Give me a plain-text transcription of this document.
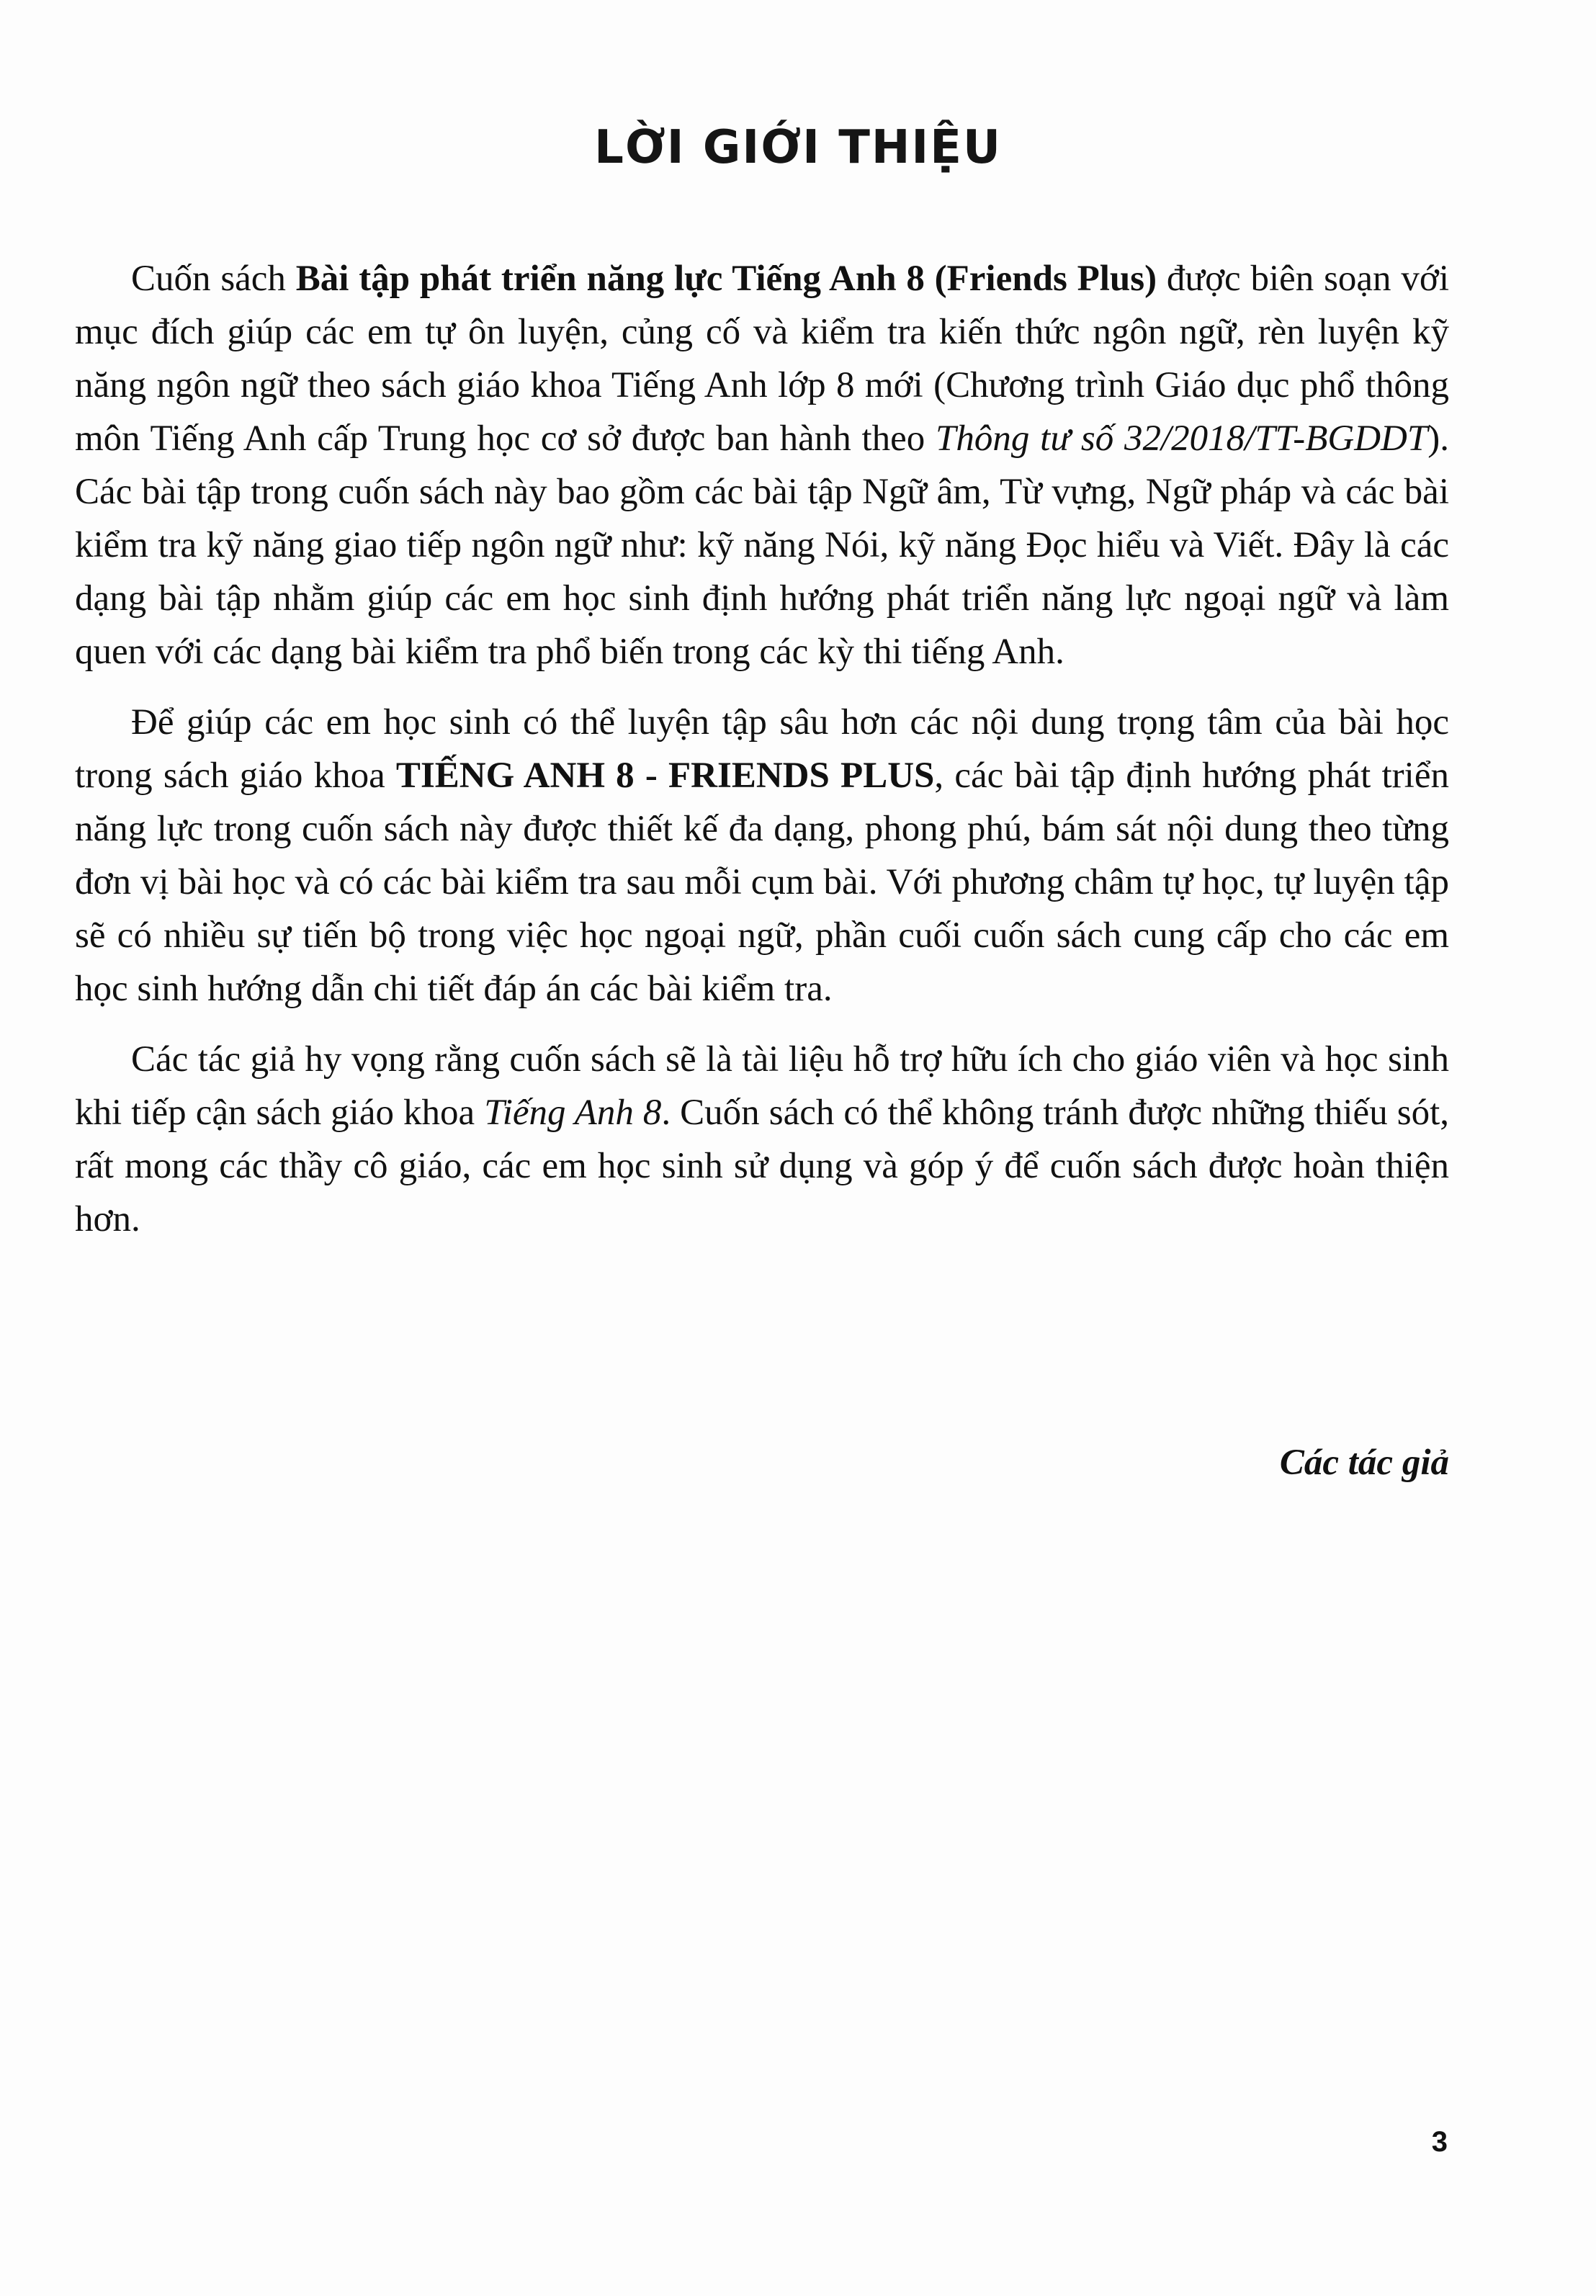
LỜI GIỚI THIỆU

Cuốn sách Bài tập phát triển năng lực Tiếng Anh 8 (Friends Plus) được biên soạn với mục đích giúp các em tự ôn luyện, củng cố và kiểm tra kiến thức ngôn ngữ, rèn luyện kỹ năng ngôn ngữ theo sách giáo khoa Tiếng Anh lớp 8 mới (Chương trình Giáo dục phổ thông môn Tiếng Anh cấp Trung học cơ sở được ban hành theo Thông tư số 32/2018/TT-BGDDT). Các bài tập trong cuốn sách này bao gồm các bài tập Ngữ âm, Từ vựng, Ngữ pháp và các bài kiểm tra kỹ năng giao tiếp ngôn ngữ như: kỹ năng Nói, kỹ năng Đọc hiểu và Viết. Đây là các dạng bài tập nhằm giúp các em học sinh định hướng phát triển năng lực ngoại ngữ và làm quen với các dạng bài kiểm tra phổ biến trong các kỳ thi tiếng Anh.

Để giúp các em học sinh có thể luyện tập sâu hơn các nội dung trọng tâm của bài học trong sách giáo khoa TIẾNG ANH 8 - FRIENDS PLUS, các bài tập định hướng phát triển năng lực trong cuốn sách này được thiết kế đa dạng, phong phú, bám sát nội dung theo từng đơn vị bài học và có các bài kiểm tra sau mỗi cụm bài. Với phương châm tự học, tự luyện tập sẽ có nhiều sự tiến bộ trong việc học ngoại ngữ, phần cuối cuốn sách cung cấp cho các em học sinh hướng dẫn chi tiết đáp án các bài kiểm tra.

Các tác giả hy vọng rằng cuốn sách sẽ là tài liệu hỗ trợ hữu ích cho giáo viên và học sinh khi tiếp cận sách giáo khoa Tiếng Anh 8. Cuốn sách có thể không tránh được những thiếu sót, rất mong các thầy cô giáo, các em học sinh sử dụng và góp ý để cuốn sách được hoàn thiện hơn.

Các tác giả
3
